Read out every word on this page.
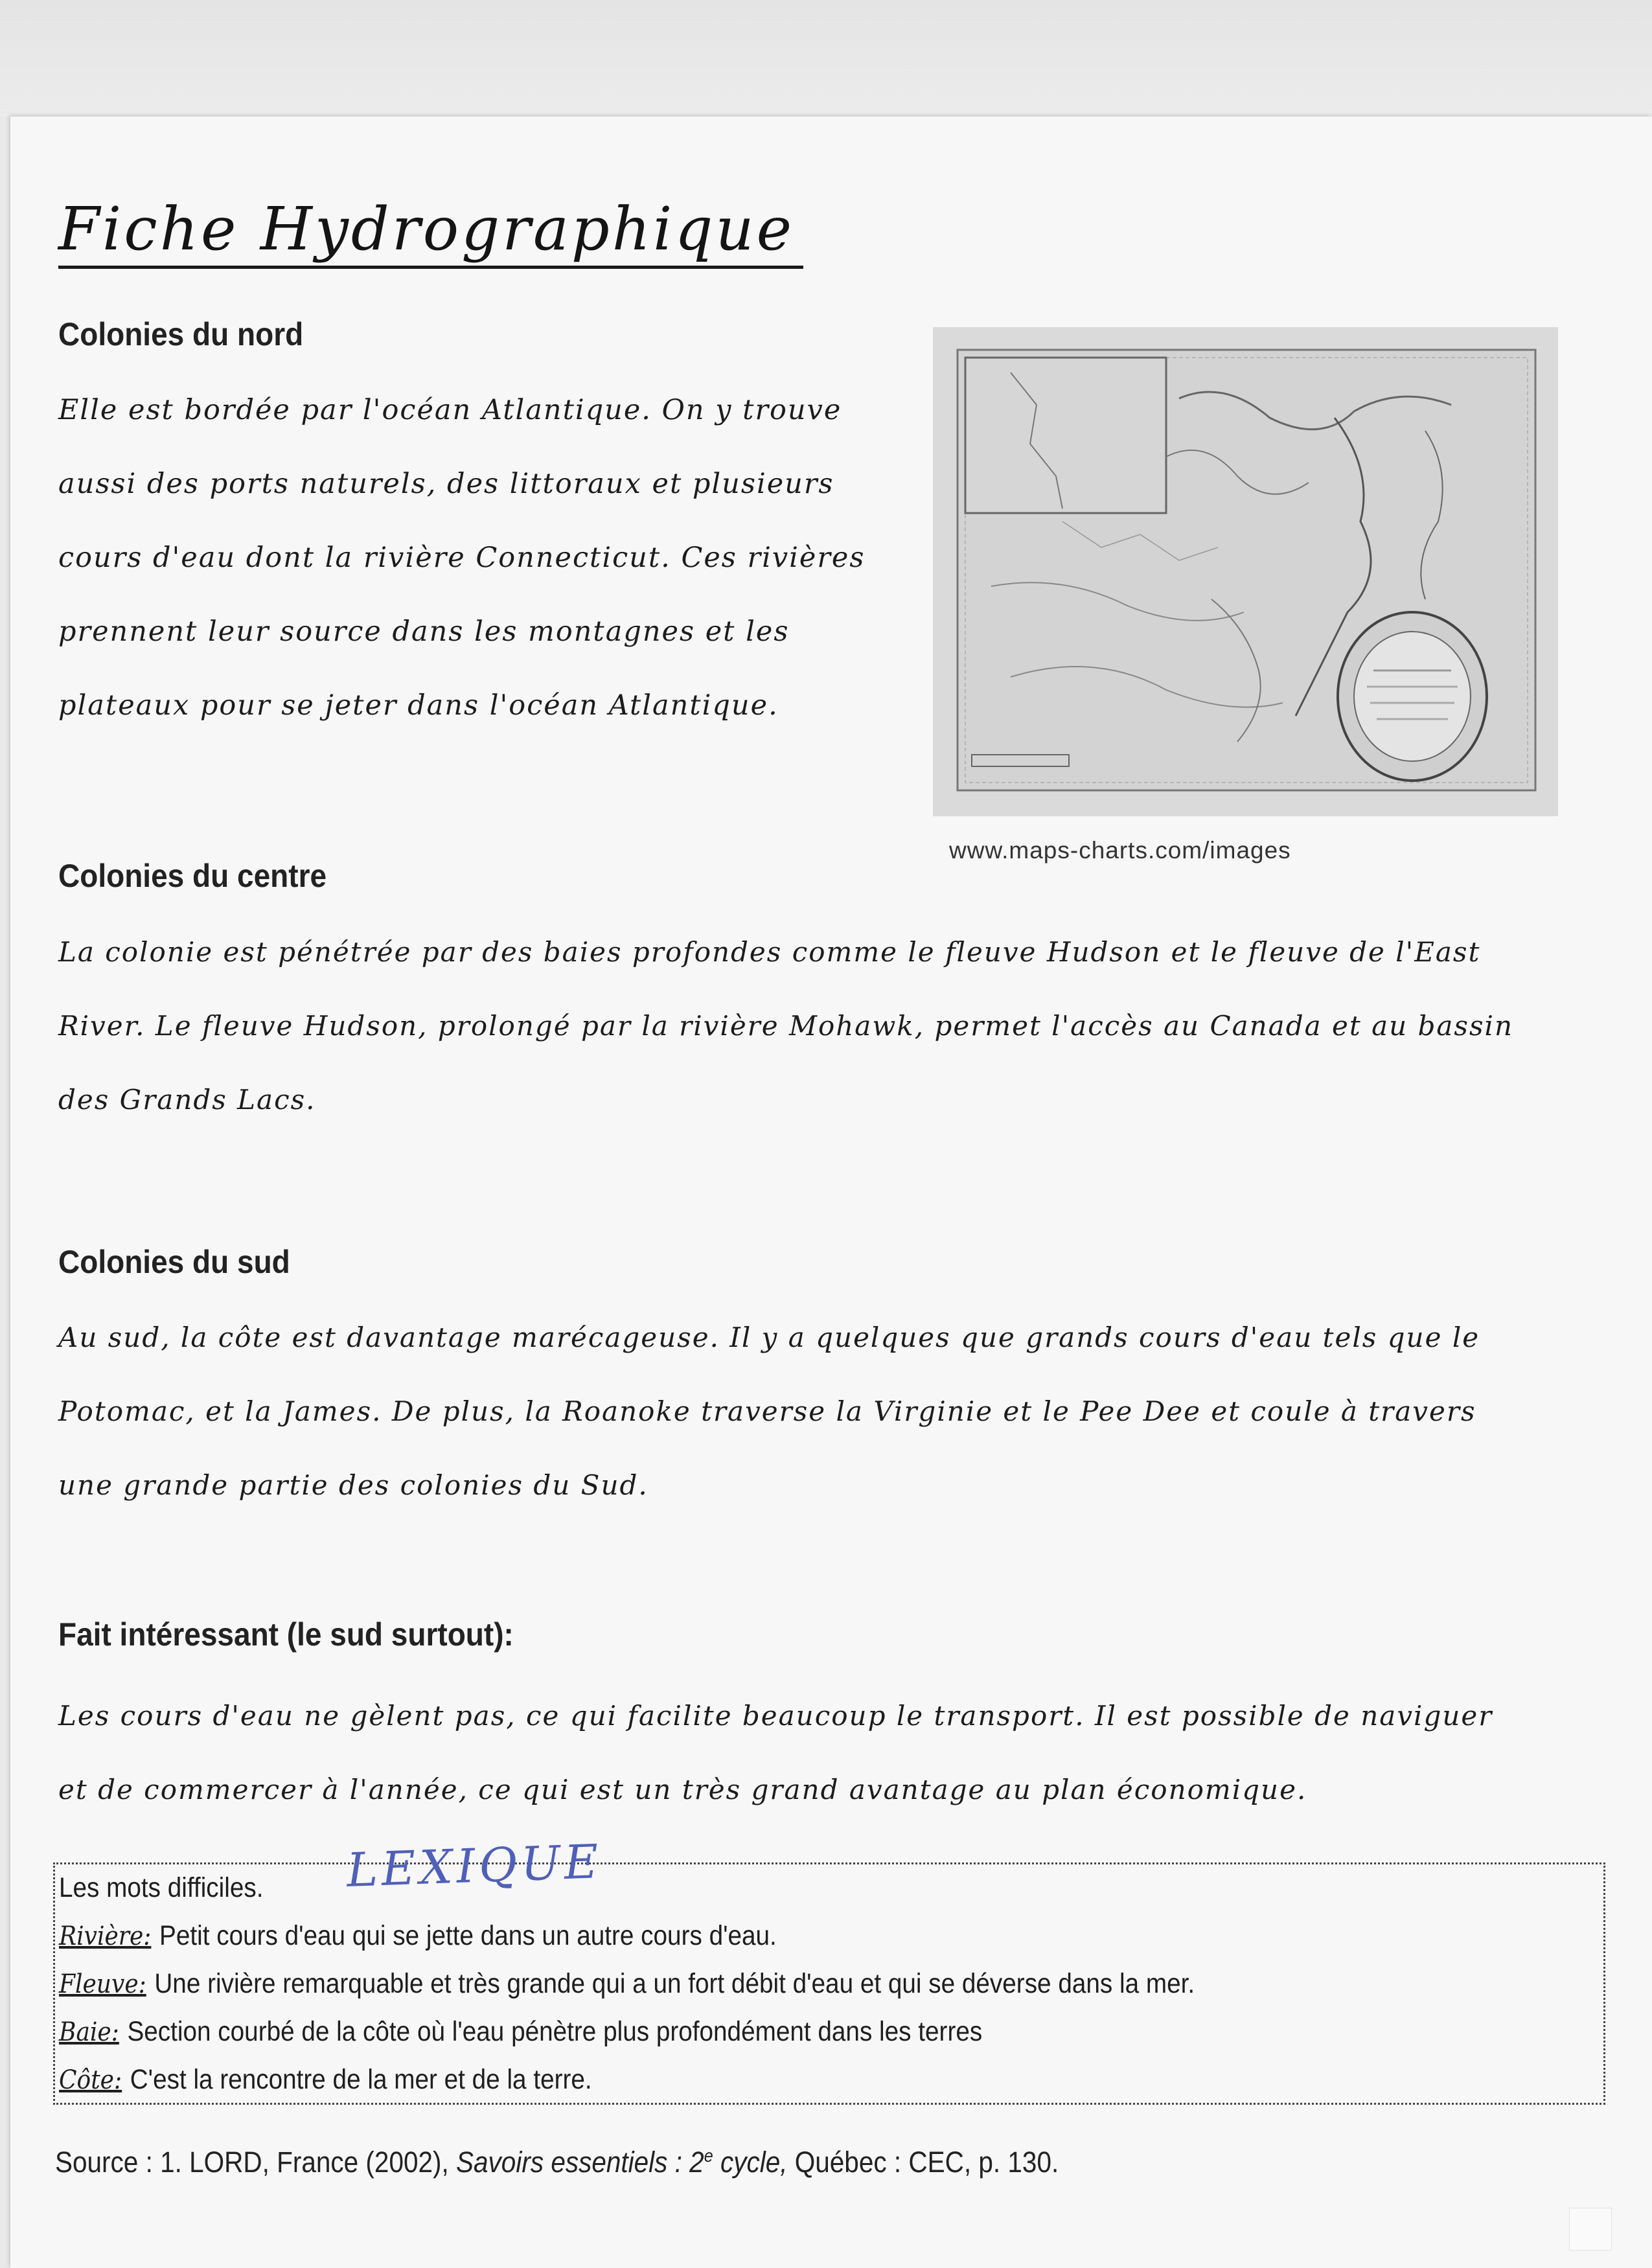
Fiche Hydrographique
Colonies du nord
Elle est bordée par l'océan Atlantique. On y trouve
aussi des ports naturels, des littoraux et plusieurs
cours d'eau dont la rivière Connecticut. Ces rivières
prennent leur source dans les montagnes et les
plateaux pour se jeter dans l'océan Atlantique.
www.maps-charts.com/images
Colonies du centre
La colonie est pénétrée par des baies profondes comme le fleuve Hudson et le fleuve de l'East
River. Le fleuve Hudson, prolongé par la rivière Mohawk, permet l'accès au Canada et au bassin
des Grands Lacs.
Colonies du sud
Au sud, la côte est davantage marécageuse. Il y a quelques que grands cours d'eau tels que le
Potomac, et la James. De plus, la Roanoke traverse la Virginie et le Pee Dee et coule à travers
une grande partie des colonies du Sud.
Fait intéressant (le sud surtout):
Les cours d'eau ne gèlent pas, ce qui facilite beaucoup le transport. Il est possible de naviguer
et de commercer à l'année, ce qui est un très grand avantage au plan économique.
Les mots difficiles.
Rivière: Petit cours d'eau qui se jette dans un autre cours d'eau.
Fleuve: Une rivière remarquable et très grande qui a un fort débit d'eau et qui se déverse dans la mer.
Baie: Section courbé de la côte où l'eau pénètre plus profondément dans les terres
Côte: C'est la rencontre de la mer et de la terre.
LEXIQUE
Source : 1. LORD, France (2002), Savoirs essentiels : 2e cycle, Québec : CEC, p. 130.
